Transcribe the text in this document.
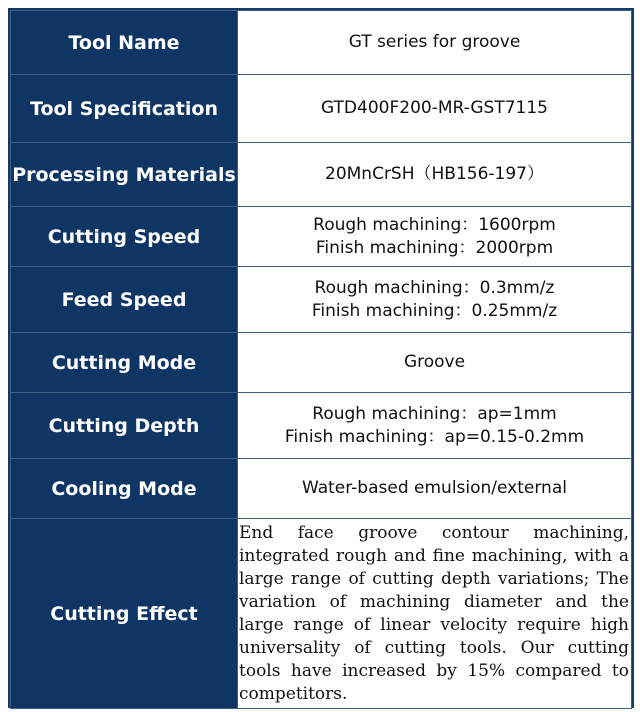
Tool Name	GT series for groove

Tool Specification	GTD400F200-MR-GST7115

Processing Materials	20MnCrSH（HB156-197）

Cutting Speed	Rough machining：1600rpm
Finish machining：2000rpm

Feed Speed	Rough machining：0.3mm/z
Finish machining：0.25mm/z

Cutting Mode	Groove

Cutting Depth	Rough machining：ap=1mm
Finish machining：ap=0.15-0.2mm

Cooling Mode	Water-based emulsion/external

Cutting Effect	End face groove contour machining, integrated rough and fine machining, with a large range of cutting depth variations; The variation of machining diameter and the large range of linear velocity require high universality of cutting tools. Our cutting tools have increased by 15% compared to competitors.
